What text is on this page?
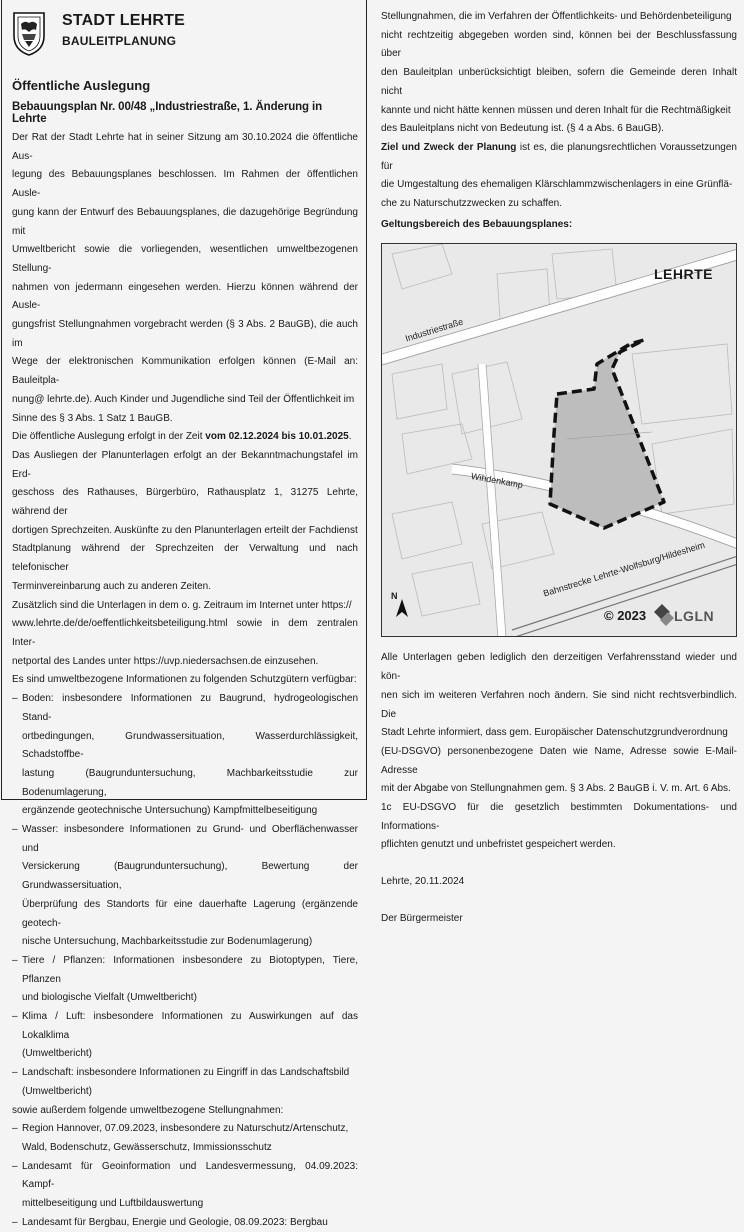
STADT LEHRTE
BAULEITPLANUNG
Öffentliche Auslegung
Bebauungsplan Nr. 00/48 „Industriestraße, 1. Änderung in Lehrte

Der Rat der Stadt Lehrte hat in seiner Sitzung am 30.10.2024 die öffentliche Aus-

legung des Bebauungsplanes beschlossen. Im Rahmen der öffentlichen Ausle-

gung kann der Entwurf des Bebauungsplanes, die dazugehörige Begründung mit

Umweltbericht sowie die vorliegenden, wesentlichen umweltbezogenen Stellung-

nahmen von jedermann eingesehen werden. Hierzu können während der Ausle-

gungsfrist Stellungnahmen vorgebracht werden (§ 3 Abs. 2 BauGB), die auch im

Wege der elektronischen Kommunikation erfolgen können (E-Mail an: Bauleitpla-

nung@ lehrte.de). Auch Kinder und Jugendliche sind Teil der Öffentlichkeit im

Sinne des § 3 Abs. 1 Satz 1 BauGB.

Die öffentliche Auslegung erfolgt in der Zeit vom 02.12.2024 bis 10.01.2025.

Das Ausliegen der Planunterlagen erfolgt an der Bekanntmachungstafel im Erd-

geschoss des Rathauses, Bürgerbüro, Rathausplatz 1, 31275 Lehrte, während der

dortigen Sprechzeiten. Auskünfte zu den Planunterlagen erteilt der Fachdienst

Stadtplanung während der Sprechzeiten der Verwaltung und nach telefonischer

Terminvereinbarung auch zu anderen Zeiten.

Zusätzlich sind die Unterlagen in dem o. g. Zeitraum im Internet unter https://

www.lehrte.de/de/oeffentlichkeitsbeteiligung.html sowie in dem zentralen Inter-

netportal des Landes unter https://uvp.niedersachsen.de einzusehen.

Es sind umweltbezogene Informationen zu folgenden Schutzgütern verfügbar:

– Boden: insbesondere Informationen zu Baugrund, hydrogeologischen Stand-
ortbedingungen, Grundwassersituation, Wasserdurchlässigkeit, Schadstoffbe-
lastung (Baugrunduntersuchung, Machbarkeitsstudie zur Bodenumlagerung,
ergänzende geotechnische Untersuchung) Kampfmittelbeseitigung
– Wasser: insbesondere Informationen zu Grund- und Oberflächenwasser und
Versickerung (Baugrunduntersuchung), Bewertung der Grundwassersituation,
Überprüfung des Standorts für eine dauerhafte Lagerung (ergänzende geotech-
nische Untersuchung, Machbarkeitsstudie zur Bodenumlagerung)
– Tiere / Pflanzen: Informationen insbesondere zu Biotoptypen, Tiere, Pflanzen
und biologische Vielfalt (Umweltbericht)
– Klima / Luft: insbesondere Informationen zu Auswirkungen auf das Lokalklima
(Umweltbericht)
– Landschaft: insbesondere Informationen zu Eingriff in das Landschaftsbild
(Umweltbericht)

sowie außerdem folgende umweltbezogene Stellungnahmen:

– Region Hannover, 07.09.2023, insbesondere zu Naturschutz/Artenschutz,
Wald, Bodenschutz, Gewässerschutz, Immissionsschutz
– Landesamt für Geoinformation und Landesvermessung, 04.09.2023: Kampf-
mittelbeseitigung und Luftbildauswertung
– Landesamt für Bergbau, Energie und Geologie, 08.09.2023: Bergbau

Stellungnahmen, die im Verfahren der Öffentlichkeits- und Behördenbeteiligung

nicht rechtzeitig abgegeben worden sind, können bei der Beschlussfassung über

den Bauleitplan unberücksichtigt bleiben, sofern die Gemeinde deren Inhalt nicht

kannte und nicht hätte kennen müssen und deren Inhalt für die Rechtmäßigkeit

des Bauleitplans nicht von Bedeutung ist. (§ 4 a Abs. 6 BauGB).

Ziel und Zweck der Planung ist es, die planungsrechtlichen Voraussetzungen für

die Umgestaltung des ehemaligen Klärschlammzwischenlagers in eine Grünflä-

che zu Naturschutzzwecken zu schaffen.

Geltungsbereich des Bebauungsplanes:

LEHRTE
Industriestraße
Wihdenkamp
Bahnstrecke Lehrte-Wolfsburg/Hildesheim
N
© 2023 LGLN

Alle Unterlagen geben lediglich den derzeitigen Verfahrensstand wieder und kön-

nen sich im weiteren Verfahren noch ändern. Sie sind nicht rechtsverbindlich. Die

Stadt Lehrte informiert, dass gem. Europäischer Datenschutzgrundverordnung

(EU-DSGVO) personenbezogene Daten wie Name, Adresse sowie E-Mail-Adresse

mit der Abgabe von Stellungnahmen gem. § 3 Abs. 2 BauGB i. V. m. Art. 6 Abs.

1c EU-DSGVO für die gesetzlich bestimmten Dokumentations- und Informations-

pflichten genutzt und unbefristet gespeichert werden.

Lehrte, 20.11.2024

Der Bürgermeister
